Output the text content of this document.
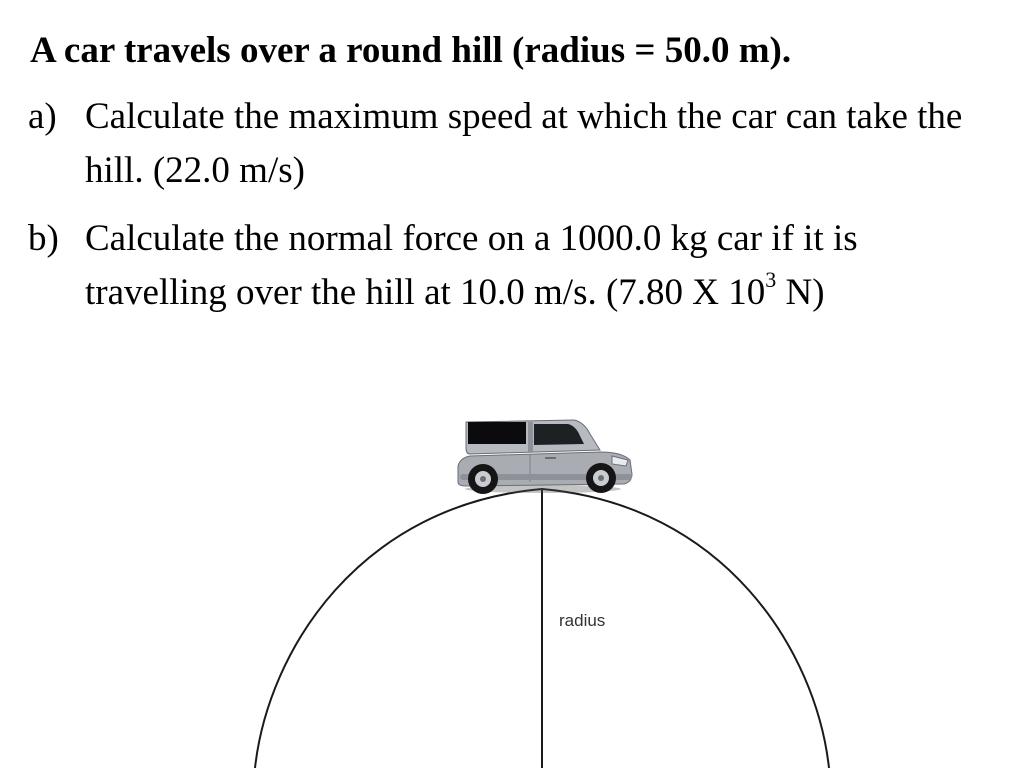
A car travels over a round hill (radius = 50.0 m).
a) Calculate the maximum speed at which the car can take the hill. (22.0 m/s)
b) Calculate the normal force on a 1000.0 kg car if it is travelling over the hill at 10.0 m/s. (7.80 X $10^3$ N)
radius
